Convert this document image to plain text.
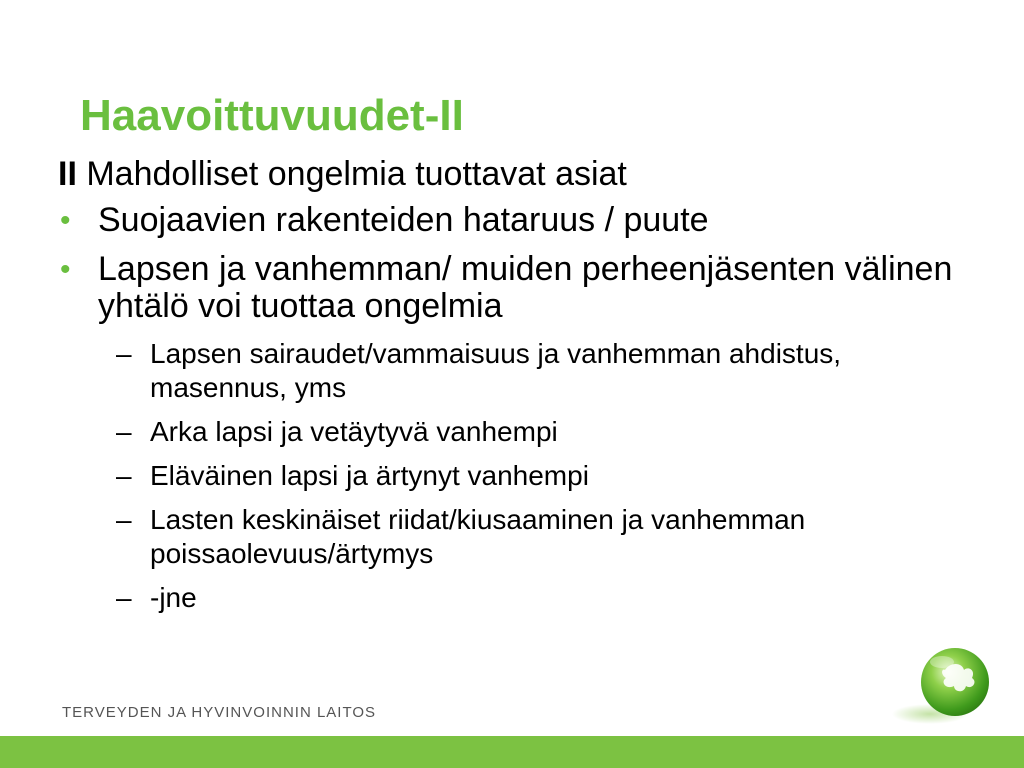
Haavoittuvuudet-II
II Mahdolliset ongelmia tuottavat asiat
• Suojaavien rakenteiden hataruus / puute
• Lapsen ja vanhemman/ muiden perheenjäsenten välinen yhtälö voi tuottaa ongelmia
– Lapsen sairaudet/vammaisuus ja vanhemman ahdistus, masennus, yms
– Arka lapsi ja vetäytyvä vanhempi
– Eläväinen lapsi ja ärtynyt vanhempi
– Lasten keskinäiset riidat/kiusaaminen ja vanhemman poissaolevuus/ärtymys
– -jne
TERVEYDEN JA HYVINVOINNIN LAITOS
